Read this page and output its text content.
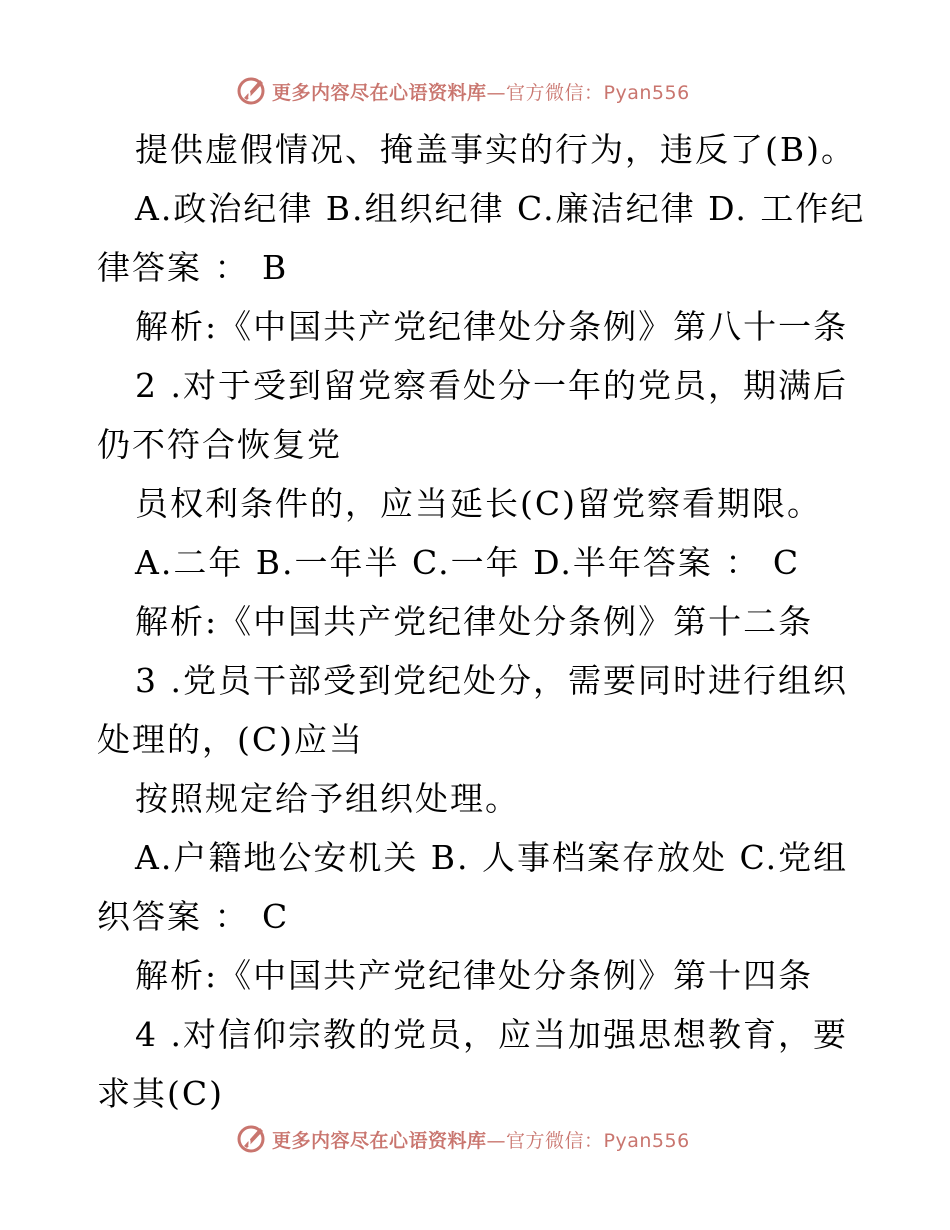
更多内容尽在心语资料库—官方微信：Pyan556
提供虚假情况、掩盖事实的行为，违反了(B)。
A.政治纪律 B.组织纪律 C.廉洁纪律 D. 工作纪
律答案 ： B
解析:《中国共产党纪律处分条例》第八十一条
2 .对于受到留党察看处分一年的党员，期满后
仍不符合恢复党
员权利条件的，应当延长(C)留党察看期限。
A.二年 B.一年半 C.一年 D.半年答案 ： C
解析:《中国共产党纪律处分条例》第十二条
3 .党员干部受到党纪处分，需要同时进行组织
处理的，(C)应当
按照规定给予组织处理。
A.户籍地公安机关 B. 人事档案存放处 C.党组
织答案 ： C
解析:《中国共产党纪律处分条例》第十四条
4 .对信仰宗教的党员，应当加强思想教育，要
求其(C)
更多内容尽在心语资料库—官方微信：Pyan556
